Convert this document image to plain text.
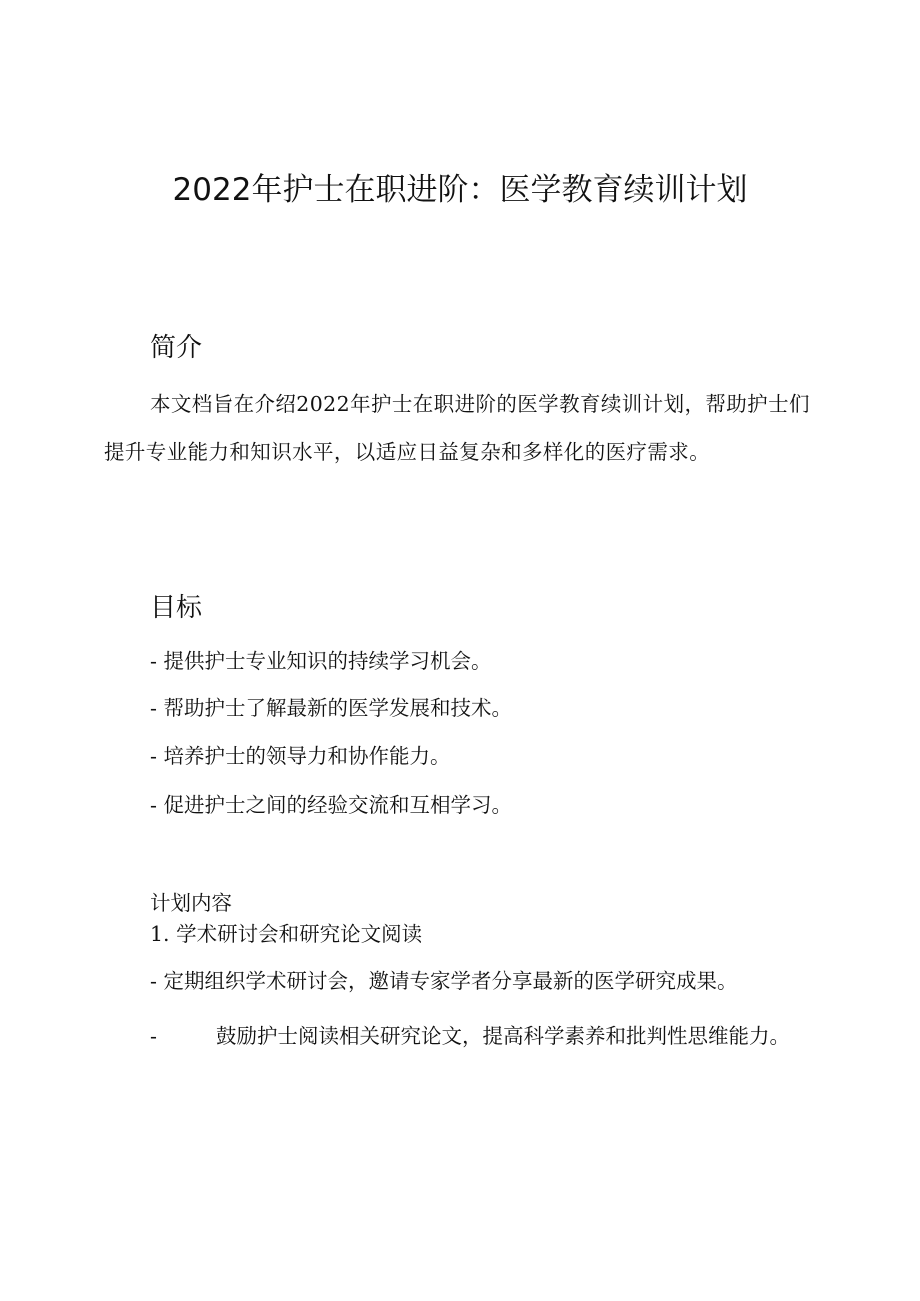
2022年护士在职进阶：医学教育续训计划
简介

本文档旨在介绍2022年护士在职进阶的医学教育续训计划，帮助护士们提升专业能力和知识水平，以适应日益复杂和多样化的医疗需求。

目标

- 提供护士专业知识的持续学习机会。

- 帮助护士了解最新的医学发展和技术。

- 培养护士的领导力和协作能力。

- 促进护士之间的经验交流和互相学习。

计划内容

1. 学术研讨会和研究论文阅读

- 定期组织学术研讨会，邀请专家学者分享最新的医学研究成果。

-	鼓励护士阅读相关研究论文，提高科学素养和批判性思维能力。
